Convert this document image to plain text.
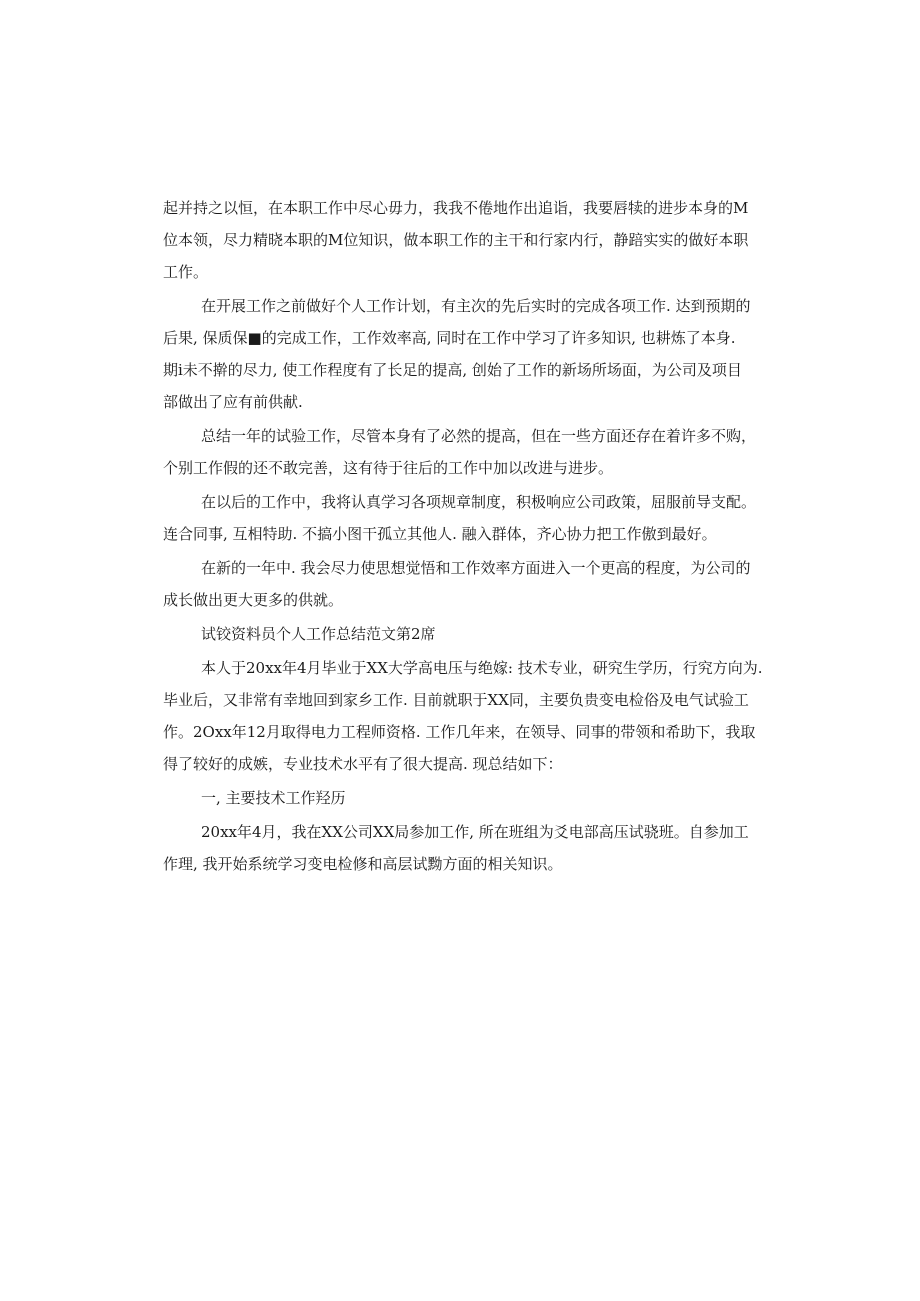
起并持之以恒，在本职工作中尽心毋力，我我不倦地作出追诣，我要唇犊的进步本身的M
位本领，尽力精晓本职的M位知识，做本职工作的主干和行家内行，静踣实实的做好本职
工作。
在开展工作之前做好个人工作计划，有主次的先后实时的完成各项工作. 达到预期的
后果, 保质保■的完成工作，工作效率高, 同时在工作中学习了许多知识, 也耕炼了本身.
期i未不擀的尽力, 使工作程度有了长足的提高, 创始了工作的新场所场面，为公司及项目
部做出了应有前供献.
总结一年的试验工作，尽管本身有了必然的提高，但在一些方面还存在着许多不购，
个别工作假的还不敢完善，这有待于往后的工作中加以改进与进步。
在以后的工作中，我将认真学习各项规章制度，积极响应公司政策，屈服前导支配。
连合同事, 互相特助. 不搞小图干孤立其他人. 融入群体，齐心协力把工作傲到最好。
在新的一年中. 我会尽力使思想觉悟和工作效率方面进入一个更高的程度，为公司的
成长做出更大更多的供就。
试铰资料员个人工作总结范文第2席
本人于20xx年4月毕业于XX大学高电压与绝嫁: 技术专业，研究生学历，行究方向为.
毕业后，又非常有幸地回到家乡工作. 目前就职于XX同，主要负贵变电检俗及电气试验工
作。2Oxx年12月取得电力工程师资格. 工作几年来，在领导、同事的带领和希助下，我取
得了较好的成嫉，专业技术水平有了很大提高. 现总结如下：
一, 主要技术工作羟历
20xx年4月，我在XX公司XX局参加工作, 所在班组为爻电部高压试骁班。自参加工
作理, 我开始系统学习变电检修和高层试黝方面的相关知识。
